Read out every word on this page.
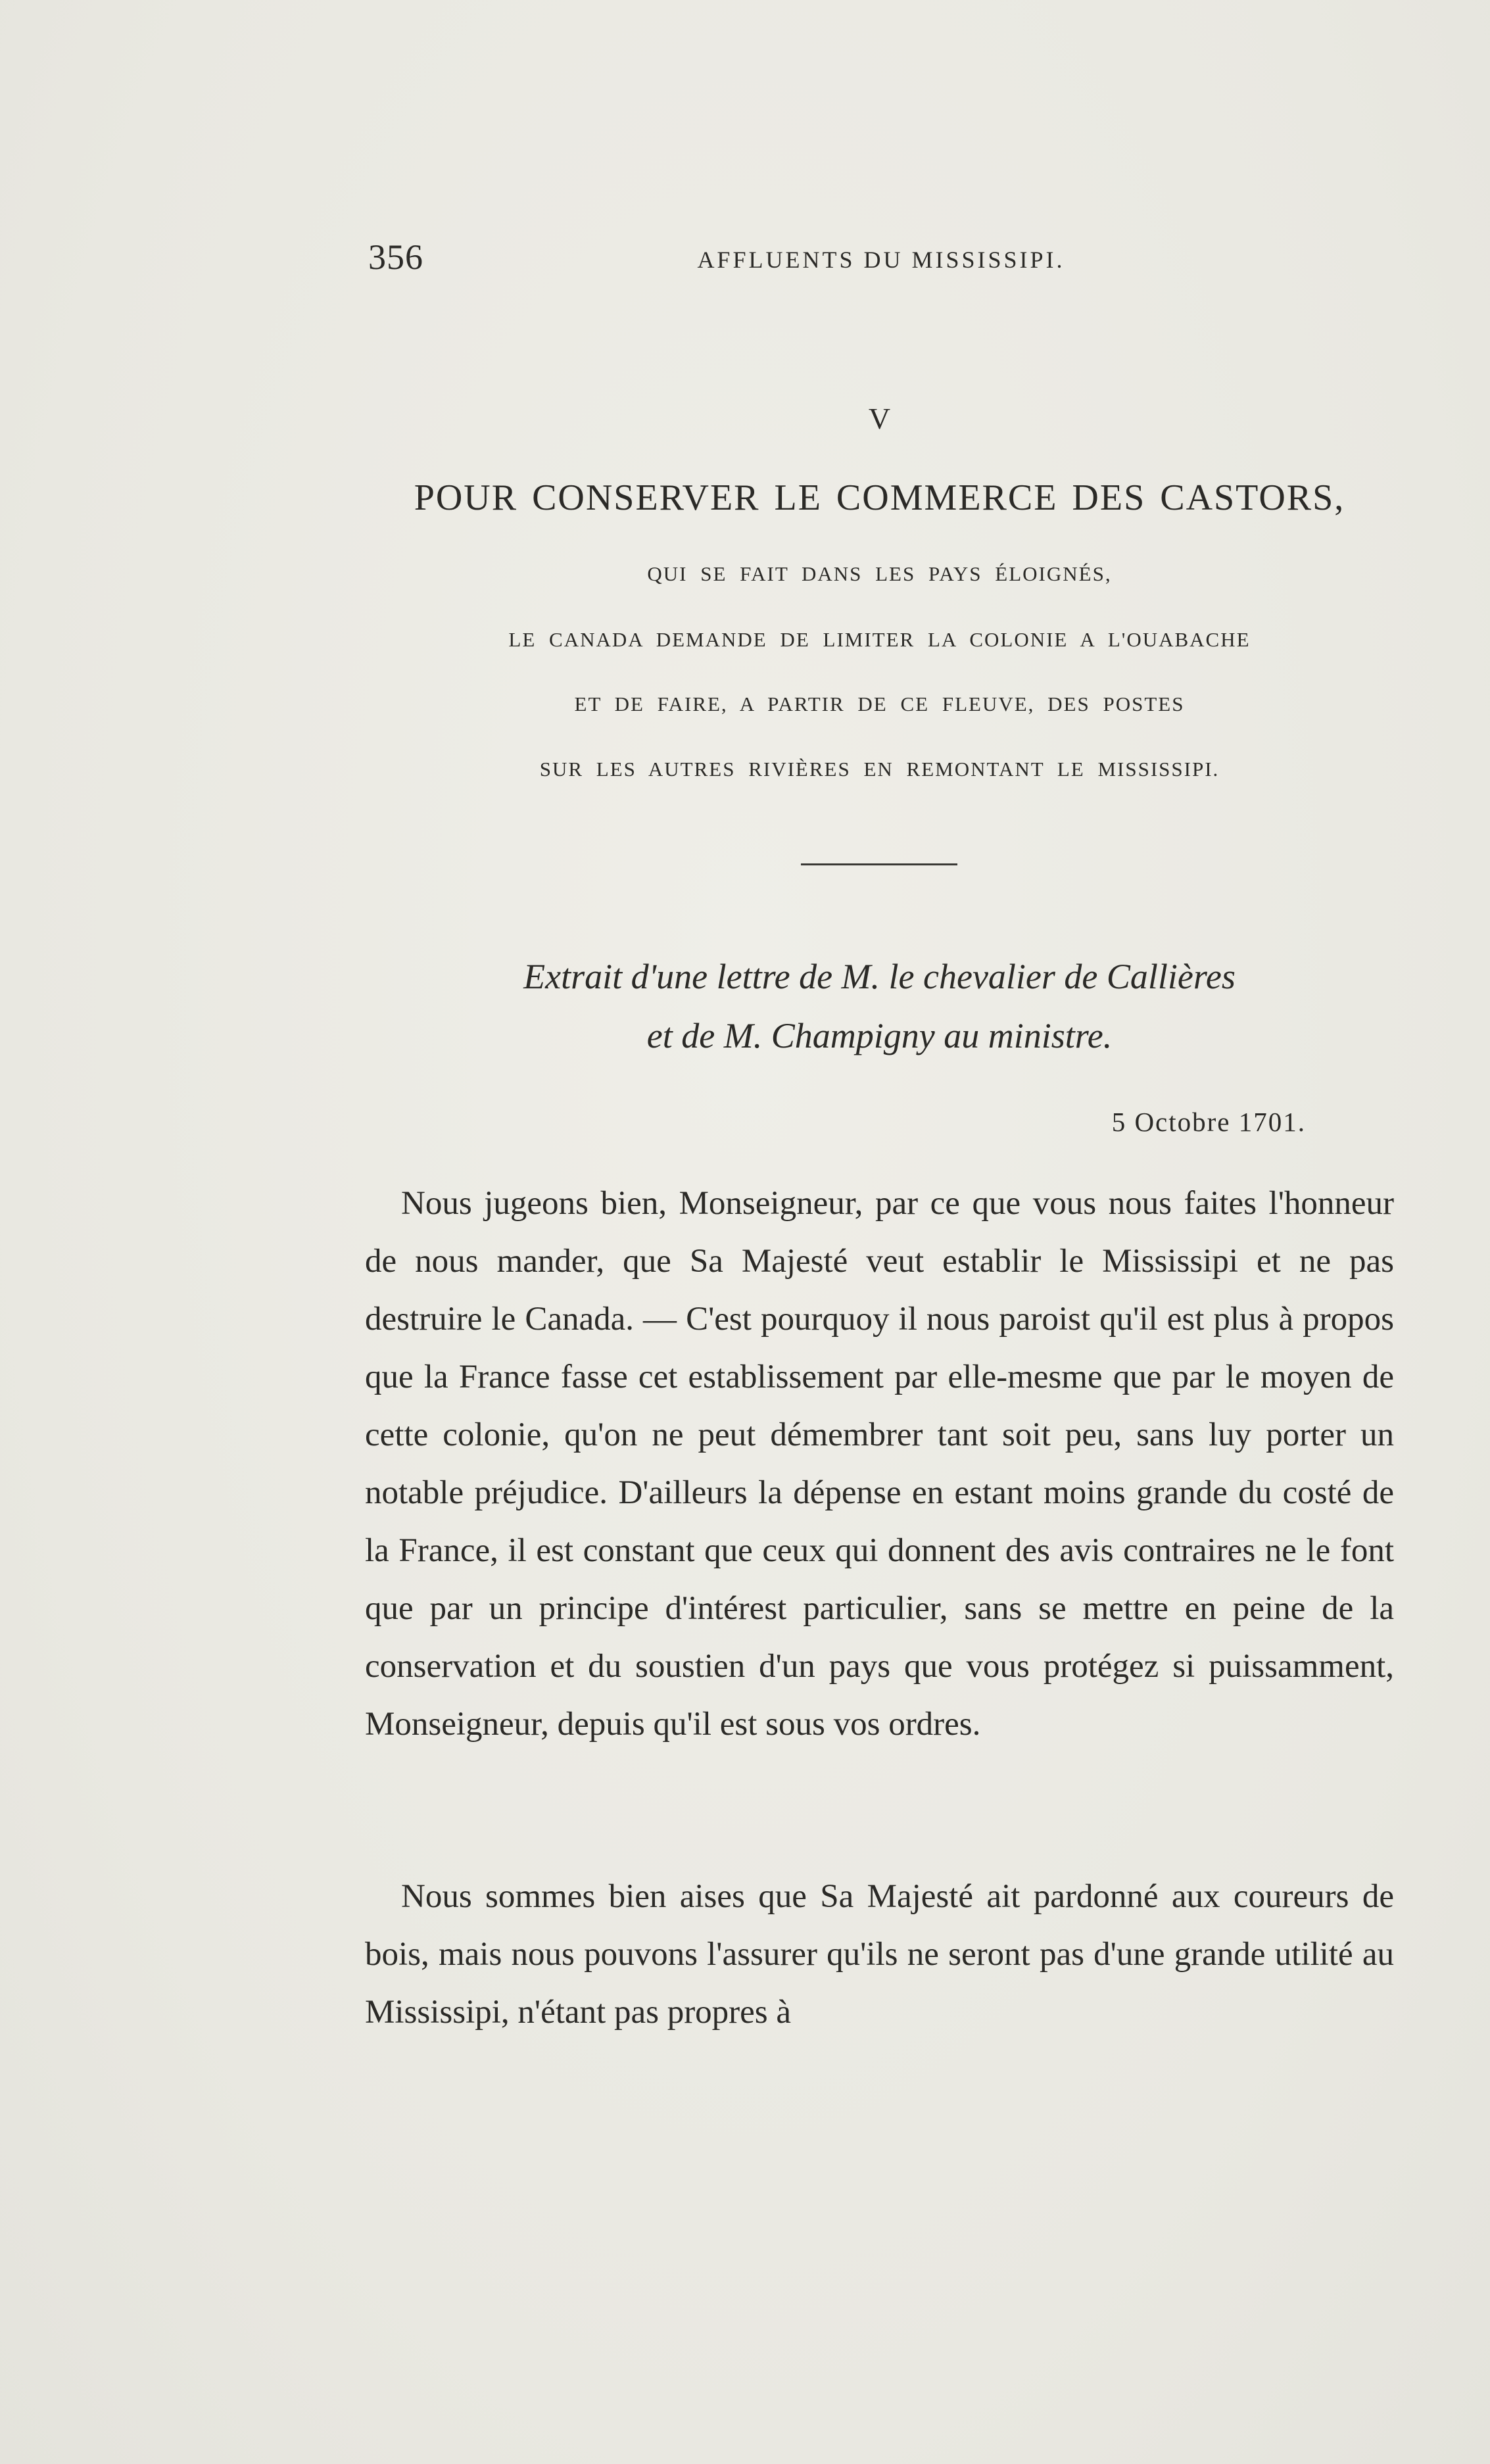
356	AFFLUENTS DU MISSISSIPI.
V
POUR CONSERVER LE COMMERCE DES CASTORS,
QUI SE FAIT DANS LES PAYS ÉLOIGNÉS,
LE CANADA DEMANDE DE LIMITER LA COLONIE A L'OUABACHE
ET DE FAIRE, A PARTIR DE CE FLEUVE, DES POSTES
SUR LES AUTRES RIVIÈRES EN REMONTANT LE MISSISSIPI.
Extrait d'une lettre de M. le chevalier de Callières
et de M. Champigny au ministre.
5 Octobre 1701.

Nous jugeons bien, Monseigneur, par ce que vous nous faites l'honneur de nous mander, que Sa Majesté veut establir le Mississipi et ne pas destruire le Canada. — C'est pourquoy il nous paroist qu'il est plus à propos que la France fasse cet establissement par elle-mesme que par le moyen de cette colonie, qu'on ne peut démembrer tant soit peu, sans luy porter un notable préjudice. D'ailleurs la dépense en estant moins grande du costé de la France, il est constant que ceux qui donnent des avis contraires ne le font que par un principe d'intérest particulier, sans se mettre en peine de la conservation et du soustien d'un pays que vous protégez si puissamment, Monseigneur, depuis qu'il est sous vos ordres.

Nous sommes bien aises que Sa Majesté ait pardonné aux coureurs de bois, mais nous pouvons l'assurer qu'ils ne seront pas d'une grande utilité au Mississipi, n'étant pas propres à
